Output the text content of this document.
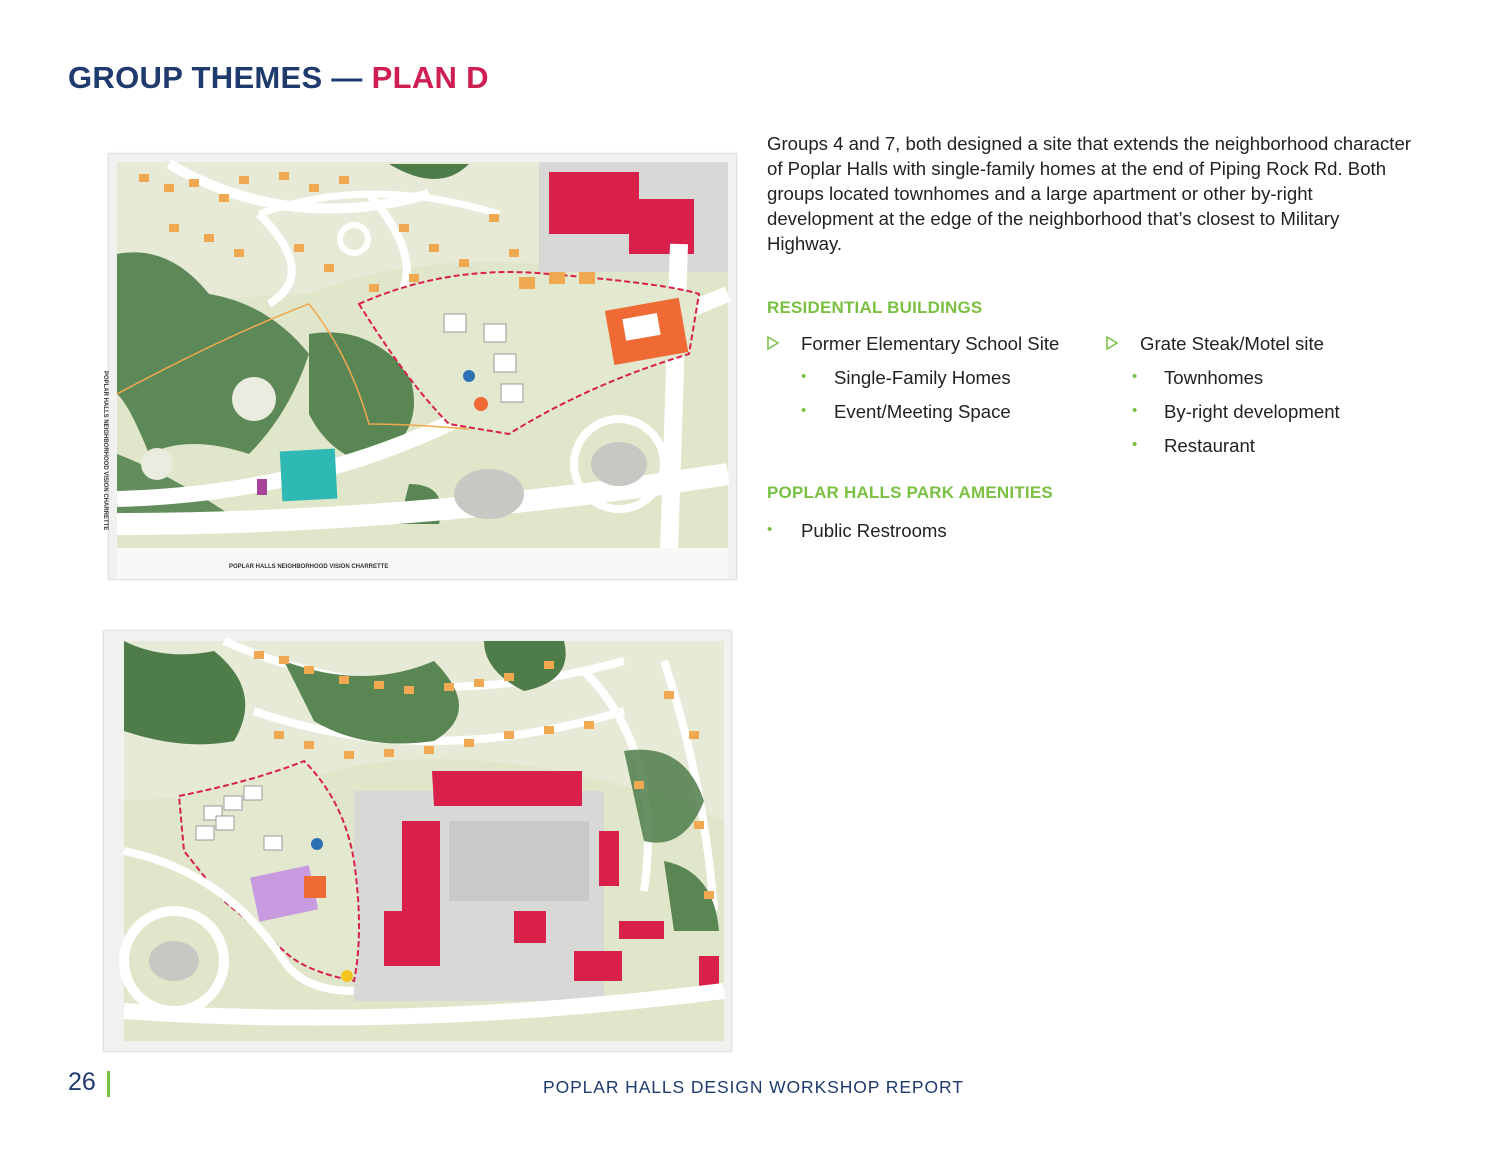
GROUP THEMES — PLAN D
POPLAR HALLS NEIGHBORHOOD VISION CHARRETTE
POPLAR HALLS NEIGHBORHOOD VISION CHARRETTE
Groups 4 and 7, both designed a site that extends the neighborhood character of Poplar Halls with single-family homes at the end of Piping Rock Rd. Both groups located townhomes and a large apartment or other by-right development at the edge of the neighborhood that’s closest to Military Highway.
RESIDENTIAL BUILDINGS
Former Elementary School Site
• Single-Family Homes
• Event/Meeting Space
Grate Steak/Motel site
• Townhomes
• By-right development
• Restaurant
POPLAR HALLS PARK AMENITIES
• Public Restrooms
26	POPLAR HALLS DESIGN WORKSHOP REPORT
